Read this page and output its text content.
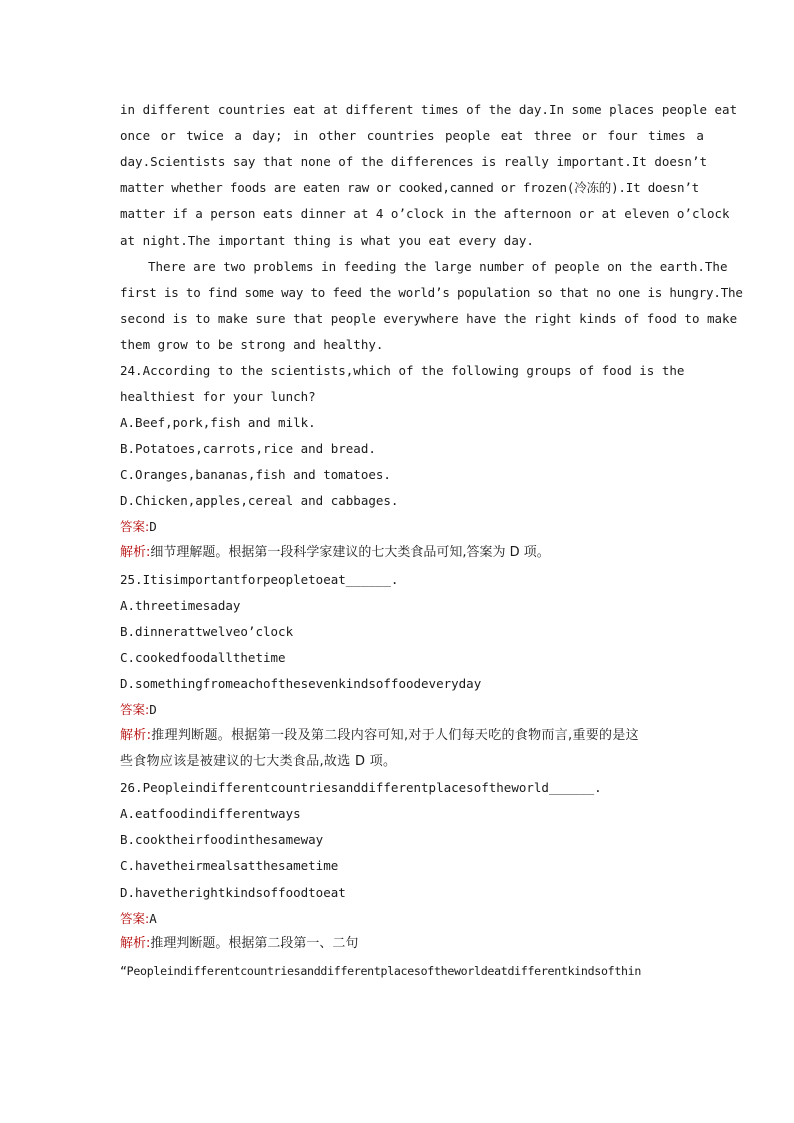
in different countries eat at different times of the day.In some places people eat
once or twice a day; in other countries people eat three or four times a
day.Scientists say that none of the differences is really important.It doesn’t
matter whether foods are eaten raw or cooked,canned or frozen(冷冻的).It doesn’t
matter if a person eats dinner at 4 o’clock in the afternoon or at eleven o’clock
at night.The important thing is what you eat every day.
There are two problems in feeding the large number of people on the earth.The
first is to find some way to feed the world’s population so that no one is hungry.The
second is to make sure that people everywhere have the right kinds of food to make
them grow to be strong and healthy.
24.According to the scientists,which of the following groups of food is the
healthiest for your lunch?
A.Beef,pork,fish and milk.
B.Potatoes,carrots,rice and bread.
C.Oranges,bananas,fish and tomatoes.
D.Chicken,apples,cereal and cabbages.
答案:D
解析:细节理解题。根据第一段科学家建议的七大类食品可知,答案为 D 项。
25.Itisimportantforpeopletoeat______.
A.threetimesaday
B.dinnerattwelveo’clock
C.cookedfoodallthetime
D.somethingfromeachofthesevenkindsoffoodeveryday
答案:D
解析:推理判断题。根据第一段及第二段内容可知,对于人们每天吃的食物而言,重要的是这
些食物应该是被建议的七大类食品,故选 D 项。
26.Peopleindifferentcountriesanddifferentplacesoftheworld______.
A.eatfoodindifferentways
B.cooktheirfoodinthesameway
C.havetheirmealsatthesametime
D.havetherightkindsoffoodtoeat
答案:A
解析:推理判断题。根据第二段第一、二句
“Peopleindifferentcountriesanddifferentplacesoftheworldeatdifferentkindsofthin
